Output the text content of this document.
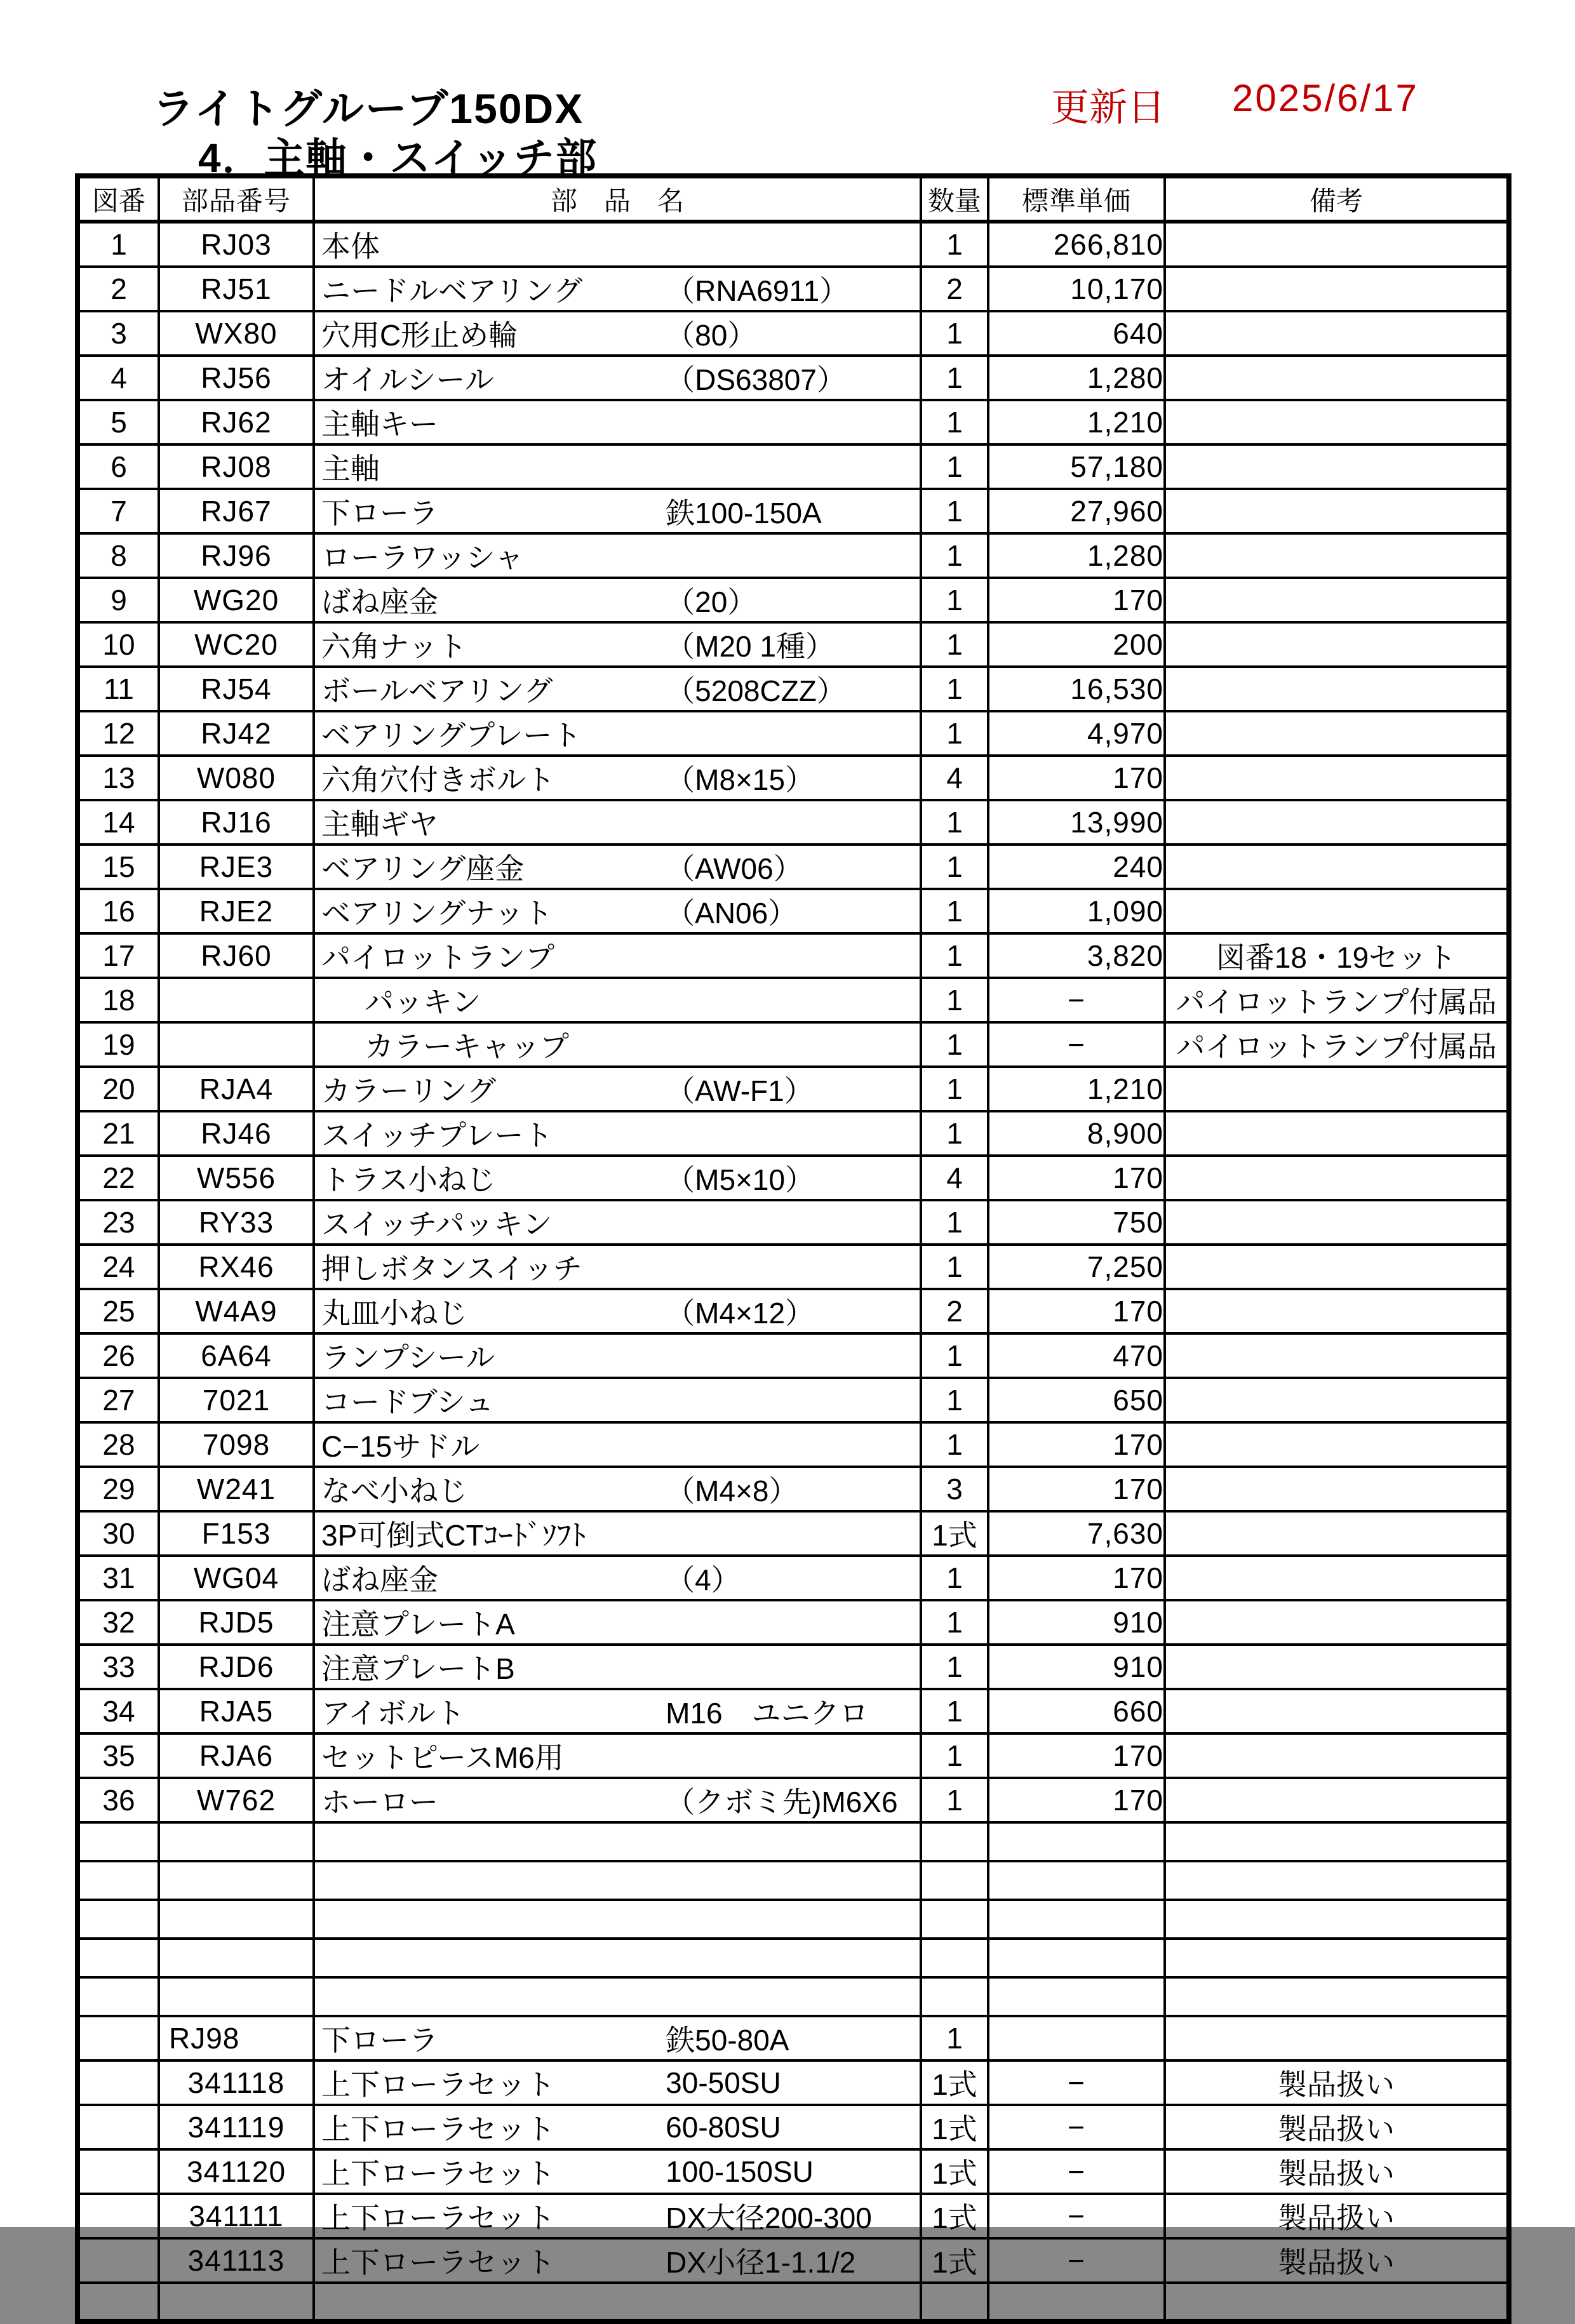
ライトグルーブ150DX
4．主軸・スイッチ部
更新日 2025/6/17
図番	部品番号	部　品　名	数量	標準単価	備考
1	RJ03	本体	1	266,810	
2	RJ51	ニードルベアリング （RNA6911）	2	10,170	
3	WX80	穴用C形止め輪 （80）	1	640	
4	RJ56	オイルシール （DS63807）	1	1,280	
5	RJ62	主軸キー	1	1,210	
6	RJ08	主軸	1	57,180	
7	RJ67	下ローラ 鉄100-150A	1	27,960	
8	RJ96	ローラワッシャ	1	1,280	
9	WG20	ばね座金 （20）	1	170	
10	WC20	六角ナット （M20 1種）	1	200	
11	RJ54	ボールベアリング （5208CZZ）	1	16,530	
12	RJ42	ベアリングプレート	1	4,970	
13	W080	六角穴付きボルト （M8×15）	4	170	
14	RJ16	主軸ギヤ	1	13,990	
15	RJE3	ベアリング座金 （AW06）	1	240	
16	RJE2	ベアリングナット （AN06）	1	1,090	
17	RJ60	パイロットランプ	1	3,820	図番18・19セット
18		パッキン	1	−	パイロットランプ付属品
19		カラーキャップ	1	−	パイロットランプ付属品
20	RJA4	カラーリング （AW-F1）	1	1,210	
21	RJ46	スイッチプレート	1	8,900	
22	W556	トラス小ねじ （M5×10）	4	170	
23	RY33	スイッチパッキン	1	750	
24	RX46	押しボタンスイッチ	1	7,250	
25	W4A9	丸皿小ねじ （M4×12）	2	170	
26	6A64	ランプシール	1	470	
27	7021	コードブシュ	1	650	
28	7098	C−15サドル	1	170	
29	W241	なべ小ねじ （M4×8）	3	170	
30	F153	3P可倒式CTｺｰﾄﾞｿﾌﾄ	1式	7,630	
31	WG04	ばね座金 （4）	1	170	
32	RJD5	注意プレートA	1	910	
33	RJD6	注意プレートB	1	910	
34	RJA5	アイボルト M16　ユニクロ	1	660	
35	RJA6	セットピースM6用	1	170	
36	W762	ホーロー （クボミ先)M6X6	1	170	

	RJ98	下ローラ 鉄50-80A	1		
	341118	上下ローラセット 30-50SU	1式	−	製品扱い
	341119	上下ローラセット 60-80SU	1式	−	製品扱い
	341120	上下ローラセット 100-150SU	1式	−	製品扱い
	341111	上下ローラセット DX大径200-300	1式	−	製品扱い
	341113	上下ローラセット DX小径1-1.1/2	1式	−	製品扱い
